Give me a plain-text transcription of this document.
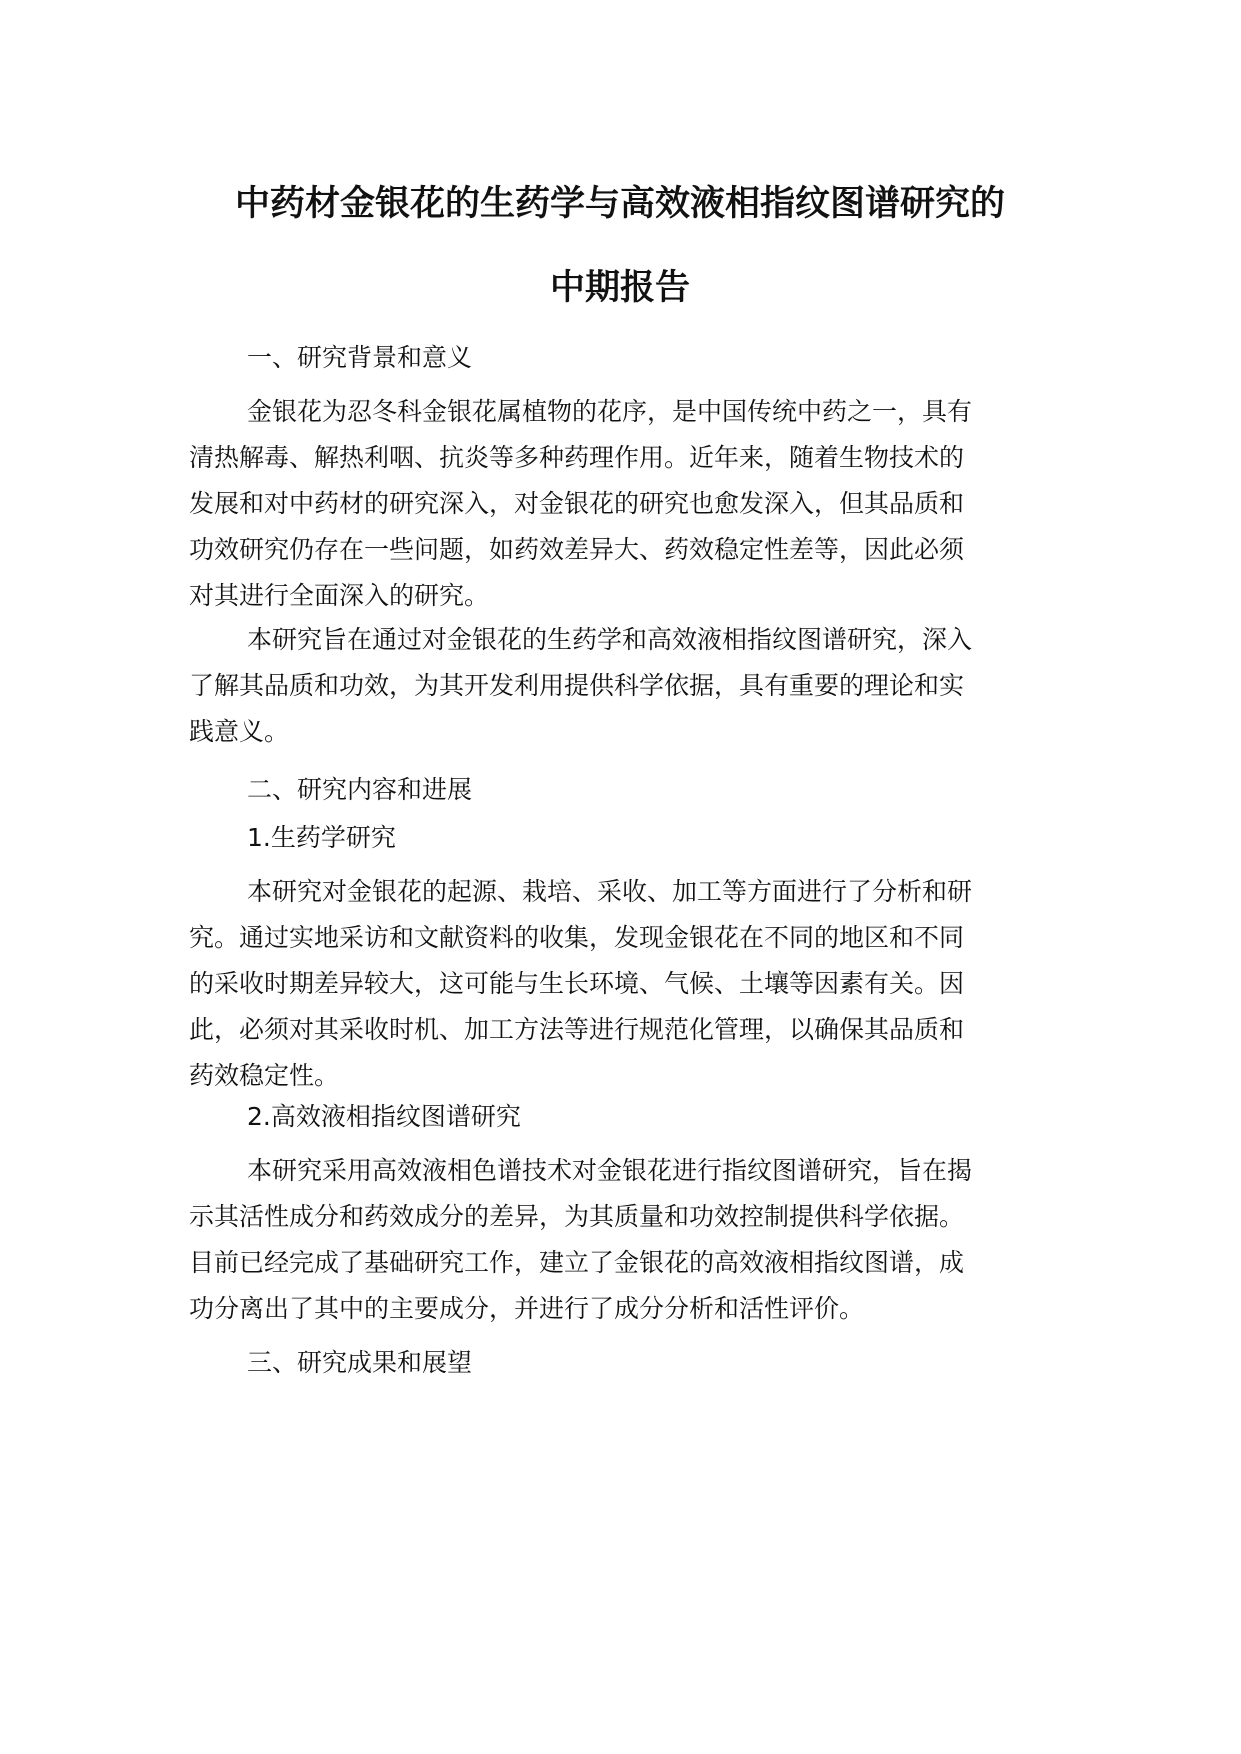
中药材金银花的生药学与高效液相指纹图谱研究的
中期报告
一、研究背景和意义
金银花为忍冬科金银花属植物的花序，是中国传统中药之一，具有
清热解毒、解热利咽、抗炎等多种药理作用。近年来，随着生物技术的
发展和对中药材的研究深入，对金银花的研究也愈发深入，但其品质和
功效研究仍存在一些问题，如药效差异大、药效稳定性差等，因此必须
对其进行全面深入的研究。
本研究旨在通过对金银花的生药学和高效液相指纹图谱研究，深入
了解其品质和功效，为其开发利用提供科学依据，具有重要的理论和实
践意义。
二、研究内容和进展
1.生药学研究
本研究对金银花的起源、栽培、采收、加工等方面进行了分析和研
究。通过实地采访和文献资料的收集，发现金银花在不同的地区和不同
的采收时期差异较大，这可能与生长环境、气候、土壤等因素有关。因
此，必须对其采收时机、加工方法等进行规范化管理，以确保其品质和
药效稳定性。
2.高效液相指纹图谱研究
本研究采用高效液相色谱技术对金银花进行指纹图谱研究，旨在揭
示其活性成分和药效成分的差异，为其质量和功效控制提供科学依据。
目前已经完成了基础研究工作，建立了金银花的高效液相指纹图谱，成
功分离出了其中的主要成分，并进行了成分分析和活性评价。
三、研究成果和展望
